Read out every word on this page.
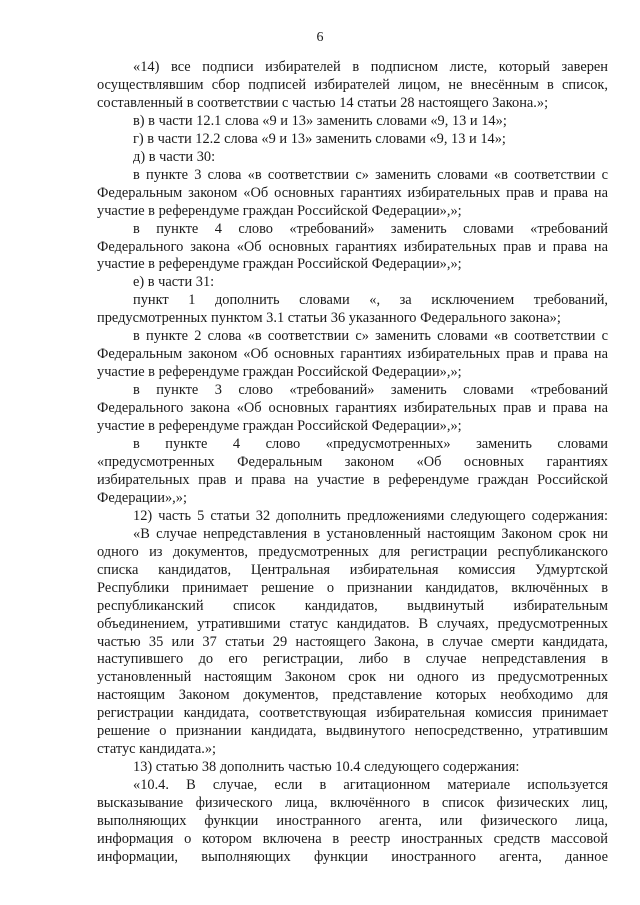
6
«14) все подписи избирателей в подписном листе, который заверен
осуществлявшим сбор подписей избирателей лицом, не внесённым в список,
составленный в соответствии с частью 14 статьи 28 настоящего Закона.»;
в) в части 12.1 слова «9 и 13» заменить словами «9, 13 и 14»;
г) в части 12.2 слова «9 и 13» заменить словами «9, 13 и 14»;
д) в части 30:
в пункте 3 слова «в соответствии с» заменить словами «в соответствии с
Федеральным законом «Об основных гарантиях избирательных прав и права на
участие в референдуме граждан Российской Федерации»,»;
в пункте 4 слово «требований» заменить словами «требований
Федерального закона «Об основных гарантиях избирательных прав и права на
участие в референдуме граждан Российской Федерации»,»;
е) в части 31:
пункт 1 дополнить словами «, за исключением требований,
предусмотренных пунктом 3.1 статьи 36 указанного Федерального закона»;
в пункте 2 слова «в соответствии с» заменить словами «в соответствии с
Федеральным законом «Об основных гарантиях избирательных прав и права на
участие в референдуме граждан Российской Федерации»,»;
в пункте 3 слово «требований» заменить словами «требований
Федерального закона «Об основных гарантиях избирательных прав и права на
участие в референдуме граждан Российской Федерации»,»;
в пункте 4 слово «предусмотренных» заменить словами
«предусмотренных Федеральным законом «Об основных гарантиях
избирательных прав и права на участие в референдуме граждан Российской
Федерации»,»;
12) часть 5 статьи 32 дополнить предложениями следующего содержания:
«В случае непредставления в установленный настоящим Законом срок ни
одного из документов, предусмотренных для регистрации республиканского
списка кандидатов, Центральная избирательная комиссия Удмуртской
Республики принимает решение о признании кандидатов, включённых в
республиканский список кандидатов, выдвинутый избирательным
объединением, утратившими статус кандидатов. В случаях, предусмотренных
частью 35 или 37 статьи 29 настоящего Закона, в случае смерти кандидата,
наступившего до его регистрации, либо в случае непредставления в
установленный настоящим Законом срок ни одного из предусмотренных
настоящим Законом документов, представление которых необходимо для
регистрации кандидата, соответствующая избирательная комиссия принимает
решение о признании кандидата, выдвинутого непосредственно, утратившим
статус кандидата.»;
13) статью 38 дополнить частью 10.4 следующего содержания:
«10.4. В случае, если в агитационном материале используется
высказывание физического лица, включённого в список физических лиц,
выполняющих функции иностранного агента, или физического лица,
информация о котором включена в реестр иностранных средств массовой
информации, выполняющих функции иностранного агента, данное
